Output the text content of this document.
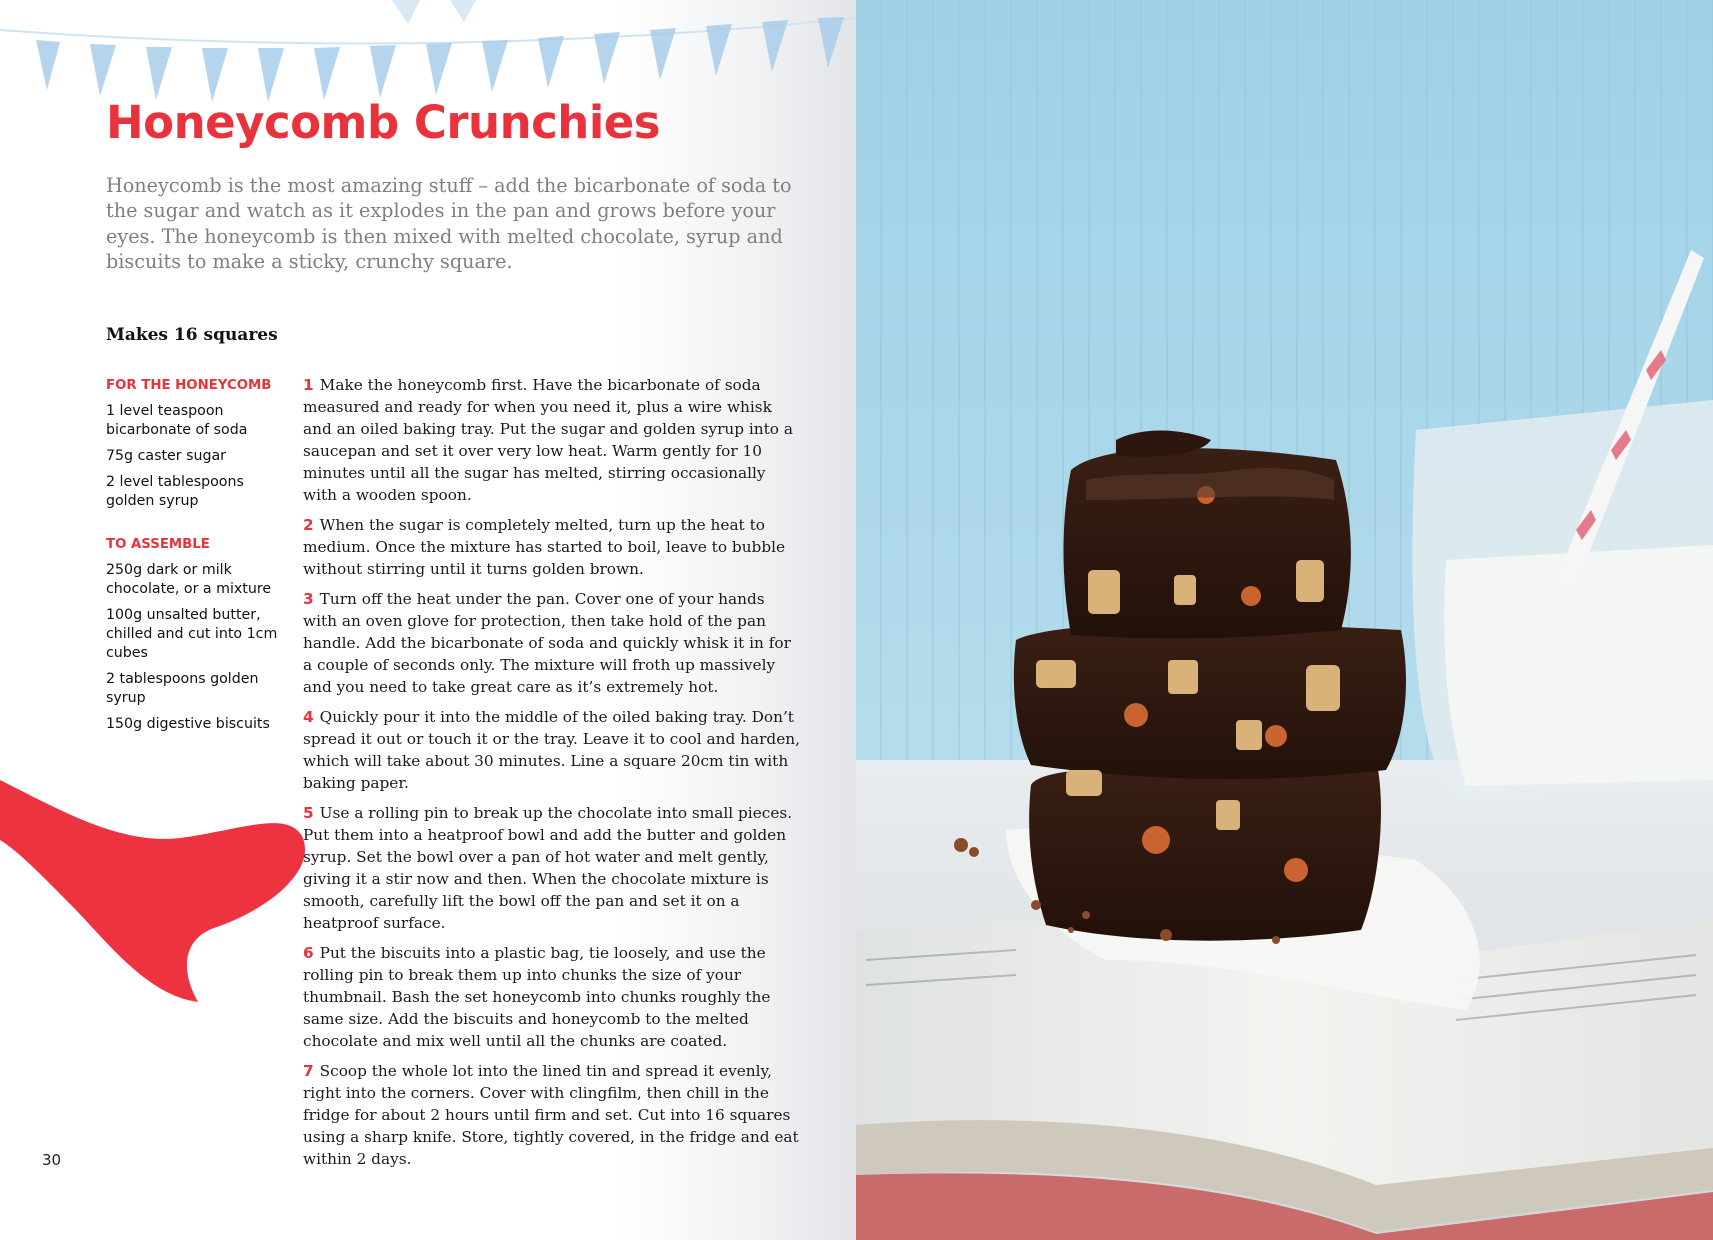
Honeycomb Crunchies

Honeycomb is the most amazing stuff – add the bicarbonate of soda to the sugar and watch as it explodes in the pan and grows before your eyes. The honeycomb is then mixed with melted chocolate, syrup and biscuits to make a sticky, crunchy square.

Makes 16 squares

FOR THE HONEYCOMB
1 level teaspoon bicarbonate of soda
75g caster sugar
2 level tablespoons golden syrup
TO ASSEMBLE
250g dark or milk chocolate, or a mixture
100g unsalted butter, chilled and cut into 1cm cubes
2 tablespoons golden syrup
150g digestive biscuits

1 Make the honeycomb first. Have the bicarbonate of soda measured and ready for when you need it, plus a wire whisk and an oiled baking tray. Put the sugar and golden syrup into a saucepan and set it over very low heat. Warm gently for 10 minutes until all the sugar has melted, stirring occasionally with a wooden spoon.

2 When the sugar is completely melted, turn up the heat to medium. Once the mixture has started to boil, leave to bubble without stirring until it turns golden brown.

3 Turn off the heat under the pan. Cover one of your hands with an oven glove for protection, then take hold of the pan handle. Add the bicarbonate of soda and quickly whisk it in for a couple of seconds only. The mixture will froth up massively and you need to take great care as it’s extremely hot.

4 Quickly pour it into the middle of the oiled baking tray. Don’t spread it out or touch it or the tray. Leave it to cool and harden, which will take about 30 minutes. Line a square 20cm tin with baking paper.

5 Use a rolling pin to break up the chocolate into small pieces. Put them into a heatproof bowl and add the butter and golden syrup. Set the bowl over a pan of hot water and melt gently, giving it a stir now and then. When the chocolate mixture is smooth, carefully lift the bowl off the pan and set it on a heatproof surface.

6 Put the biscuits into a plastic bag, tie loosely, and use the rolling pin to break them up into chunks the size of your thumbnail. Bash the set honeycomb into chunks roughly the same size. Add the biscuits and honeycomb to the melted chocolate and mix well until all the chunks are coated.

7 Scoop the whole lot into the lined tin and spread it evenly, right into the corners. Cover with clingfilm, then chill in the fridge for about 2 hours until firm and set. Cut into 16 squares using a sharp knife. Store, tightly covered, in the fridge and eat within 2 days.

30
